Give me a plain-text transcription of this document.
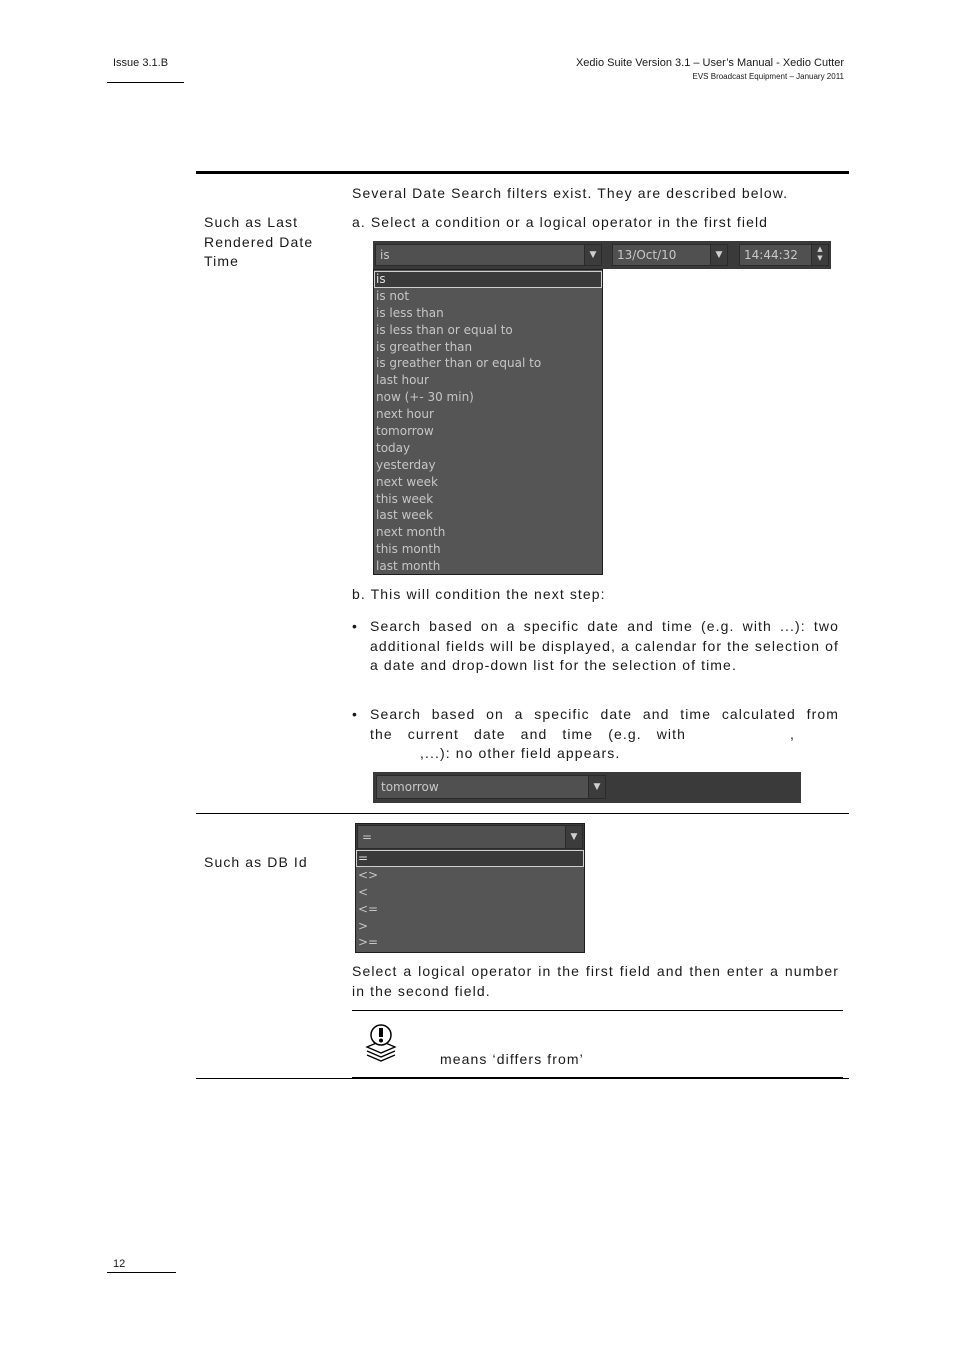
Issue 3.1.B	Xedio Suite Version 3.1 – User’s Manual - Xedio Cutter
EVS Broadcast Equipment – January 2011
Such as Last Rendered Date Time
Several Date Search filters exist. They are described below.
a. Select a condition or a logical operator in the first field
is	▼	13/Oct/10	▼	14:44:32	▲
▼
is
is not
is less than
is less than or equal to
is greather than
is greather than or equal to
last hour
now (+- 30 min)
next hour
tomorrow
today
yesterday
next week
this week
last week
next month
this month
last month
b. This will condition the next step:
• Search based on a specific date and time (e.g. with ...): two additional fields will be displayed, a calendar for the selection of a date and drop-down list for the selection of time.
• Search based on a specific date and time calculated from
the current date and time (e.g. with	,
,...): no other field appears.
tomorrow	▼
Such as DB Id
=	▼
=
<>
<
<=
>
>=
Select a logical operator in the first field and then enter a number in the second field.
means ‘differs from’
12
